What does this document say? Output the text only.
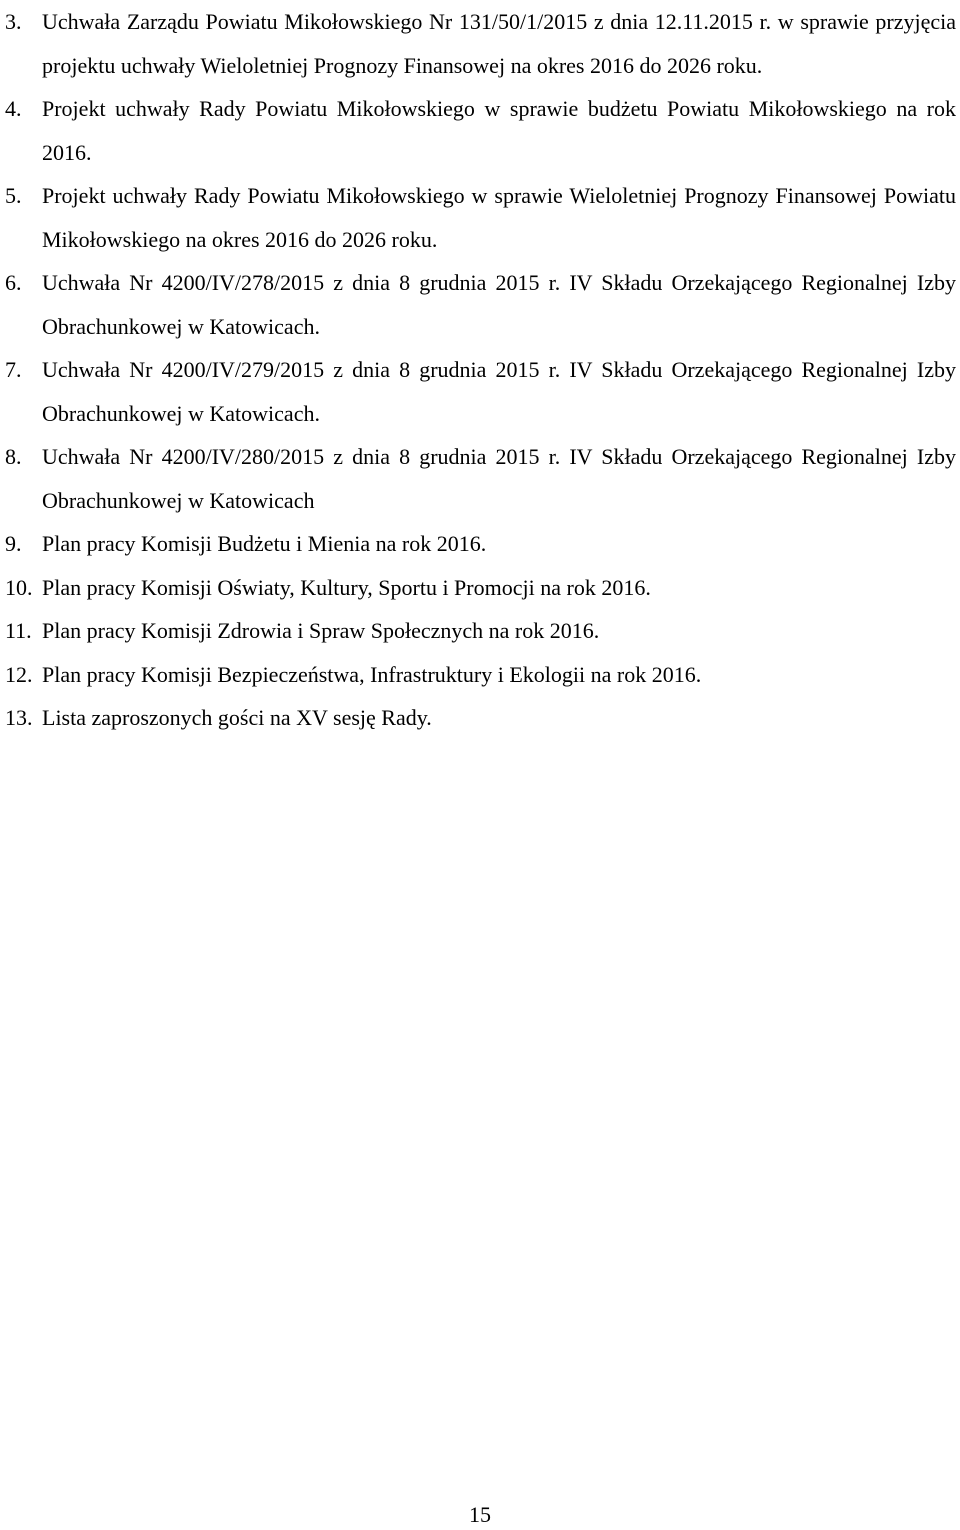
3. Uchwała Zarządu Powiatu Mikołowskiego Nr 131/50/1/2015 z dnia 12.11.2015 r. w sprawie przyjęcia projektu uchwały Wieloletniej Prognozy Finansowej na okres 2016 do 2026 roku.
4. Projekt uchwały Rady Powiatu Mikołowskiego w sprawie budżetu Powiatu Mikołowskiego na rok 2016.
5. Projekt uchwały Rady Powiatu Mikołowskiego w sprawie Wieloletniej Prognozy Finansowej Powiatu Mikołowskiego na okres 2016 do 2026 roku.
6. Uchwała Nr 4200/IV/278/2015 z dnia 8 grudnia 2015 r. IV Składu Orzekającego Regionalnej Izby Obrachunkowej w Katowicach.
7. Uchwała Nr 4200/IV/279/2015 z dnia 8 grudnia 2015 r. IV Składu Orzekającego Regionalnej Izby Obrachunkowej w Katowicach.
8. Uchwała Nr 4200/IV/280/2015 z dnia 8 grudnia 2015 r. IV Składu Orzekającego Regionalnej Izby Obrachunkowej w Katowicach
9. Plan pracy Komisji Budżetu i Mienia na rok 2016.
10. Plan pracy Komisji Oświaty, Kultury, Sportu i Promocji na rok 2016.
11. Plan pracy Komisji Zdrowia i Spraw Społecznych na rok 2016.
12. Plan pracy Komisji Bezpieczeństwa, Infrastruktury i Ekologii na rok 2016.
13. Lista zaproszonych gości na XV sesję Rady.
15
